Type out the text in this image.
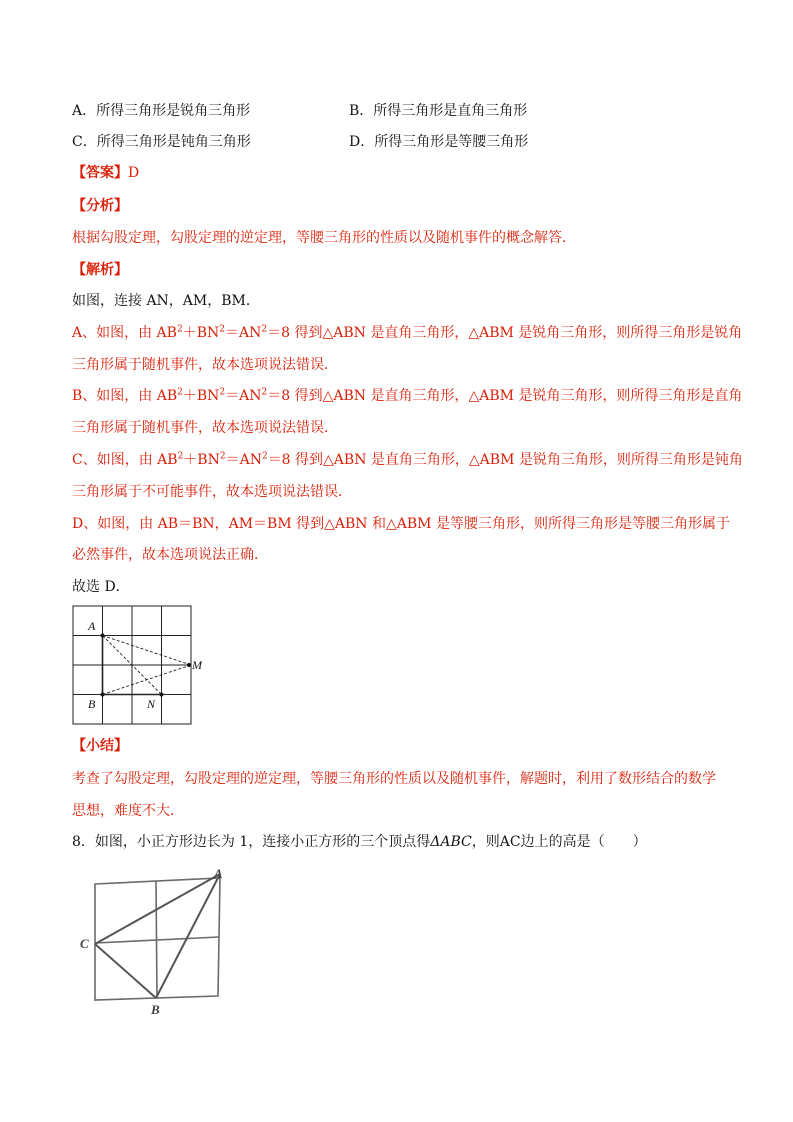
A．所得三角形是锐角三角形	B．所得三角形是直角三角形
C．所得三角形是钝角三角形	D．所得三角形是等腰三角形
【答案】D
【分析】
根据勾股定理，勾股定理的逆定理，等腰三角形的性质以及随机事件的概念解答．
【解析】
如图，连接 AN，AM，BM．
A、如图，由 $AB^2+BN^2=AN^2=8$ 得到△ABN 是直角三角形，△ABM 是锐角三角形，则所得三角形是锐角
三角形属于随机事件，故本选项说法错误．
B、如图，由 $AB^2+BN^2=AN^2=8$ 得到△ABN 是直角三角形，△ABM 是锐角三角形，则所得三角形是直角
三角形属于随机事件，故本选项说法错误．
C、如图，由 $AB^2+BN^2=AN^2=8$ 得到△ABN 是直角三角形，△ABM 是锐角三角形，则所得三角形是钝角
三角形属于不可能事件，故本选项说法错误．
D、如图，由 AB＝BN，AM＝BM 得到△ABN 和△ABM 是等腰三角形，则所得三角形是等腰三角形属于
必然事件，故本选项说法正确．
故选 D．
A
B	N
M
【小结】
考查了勾股定理，勾股定理的逆定理，等腰三角形的性质以及随机事件，解题时，利用了数形结合的数学
思想，难度不大．
8．如图，小正方形边长为 1，连接小正方形的三个顶点得ΔABC，则AC边上的高是（　　）
A
B
C
